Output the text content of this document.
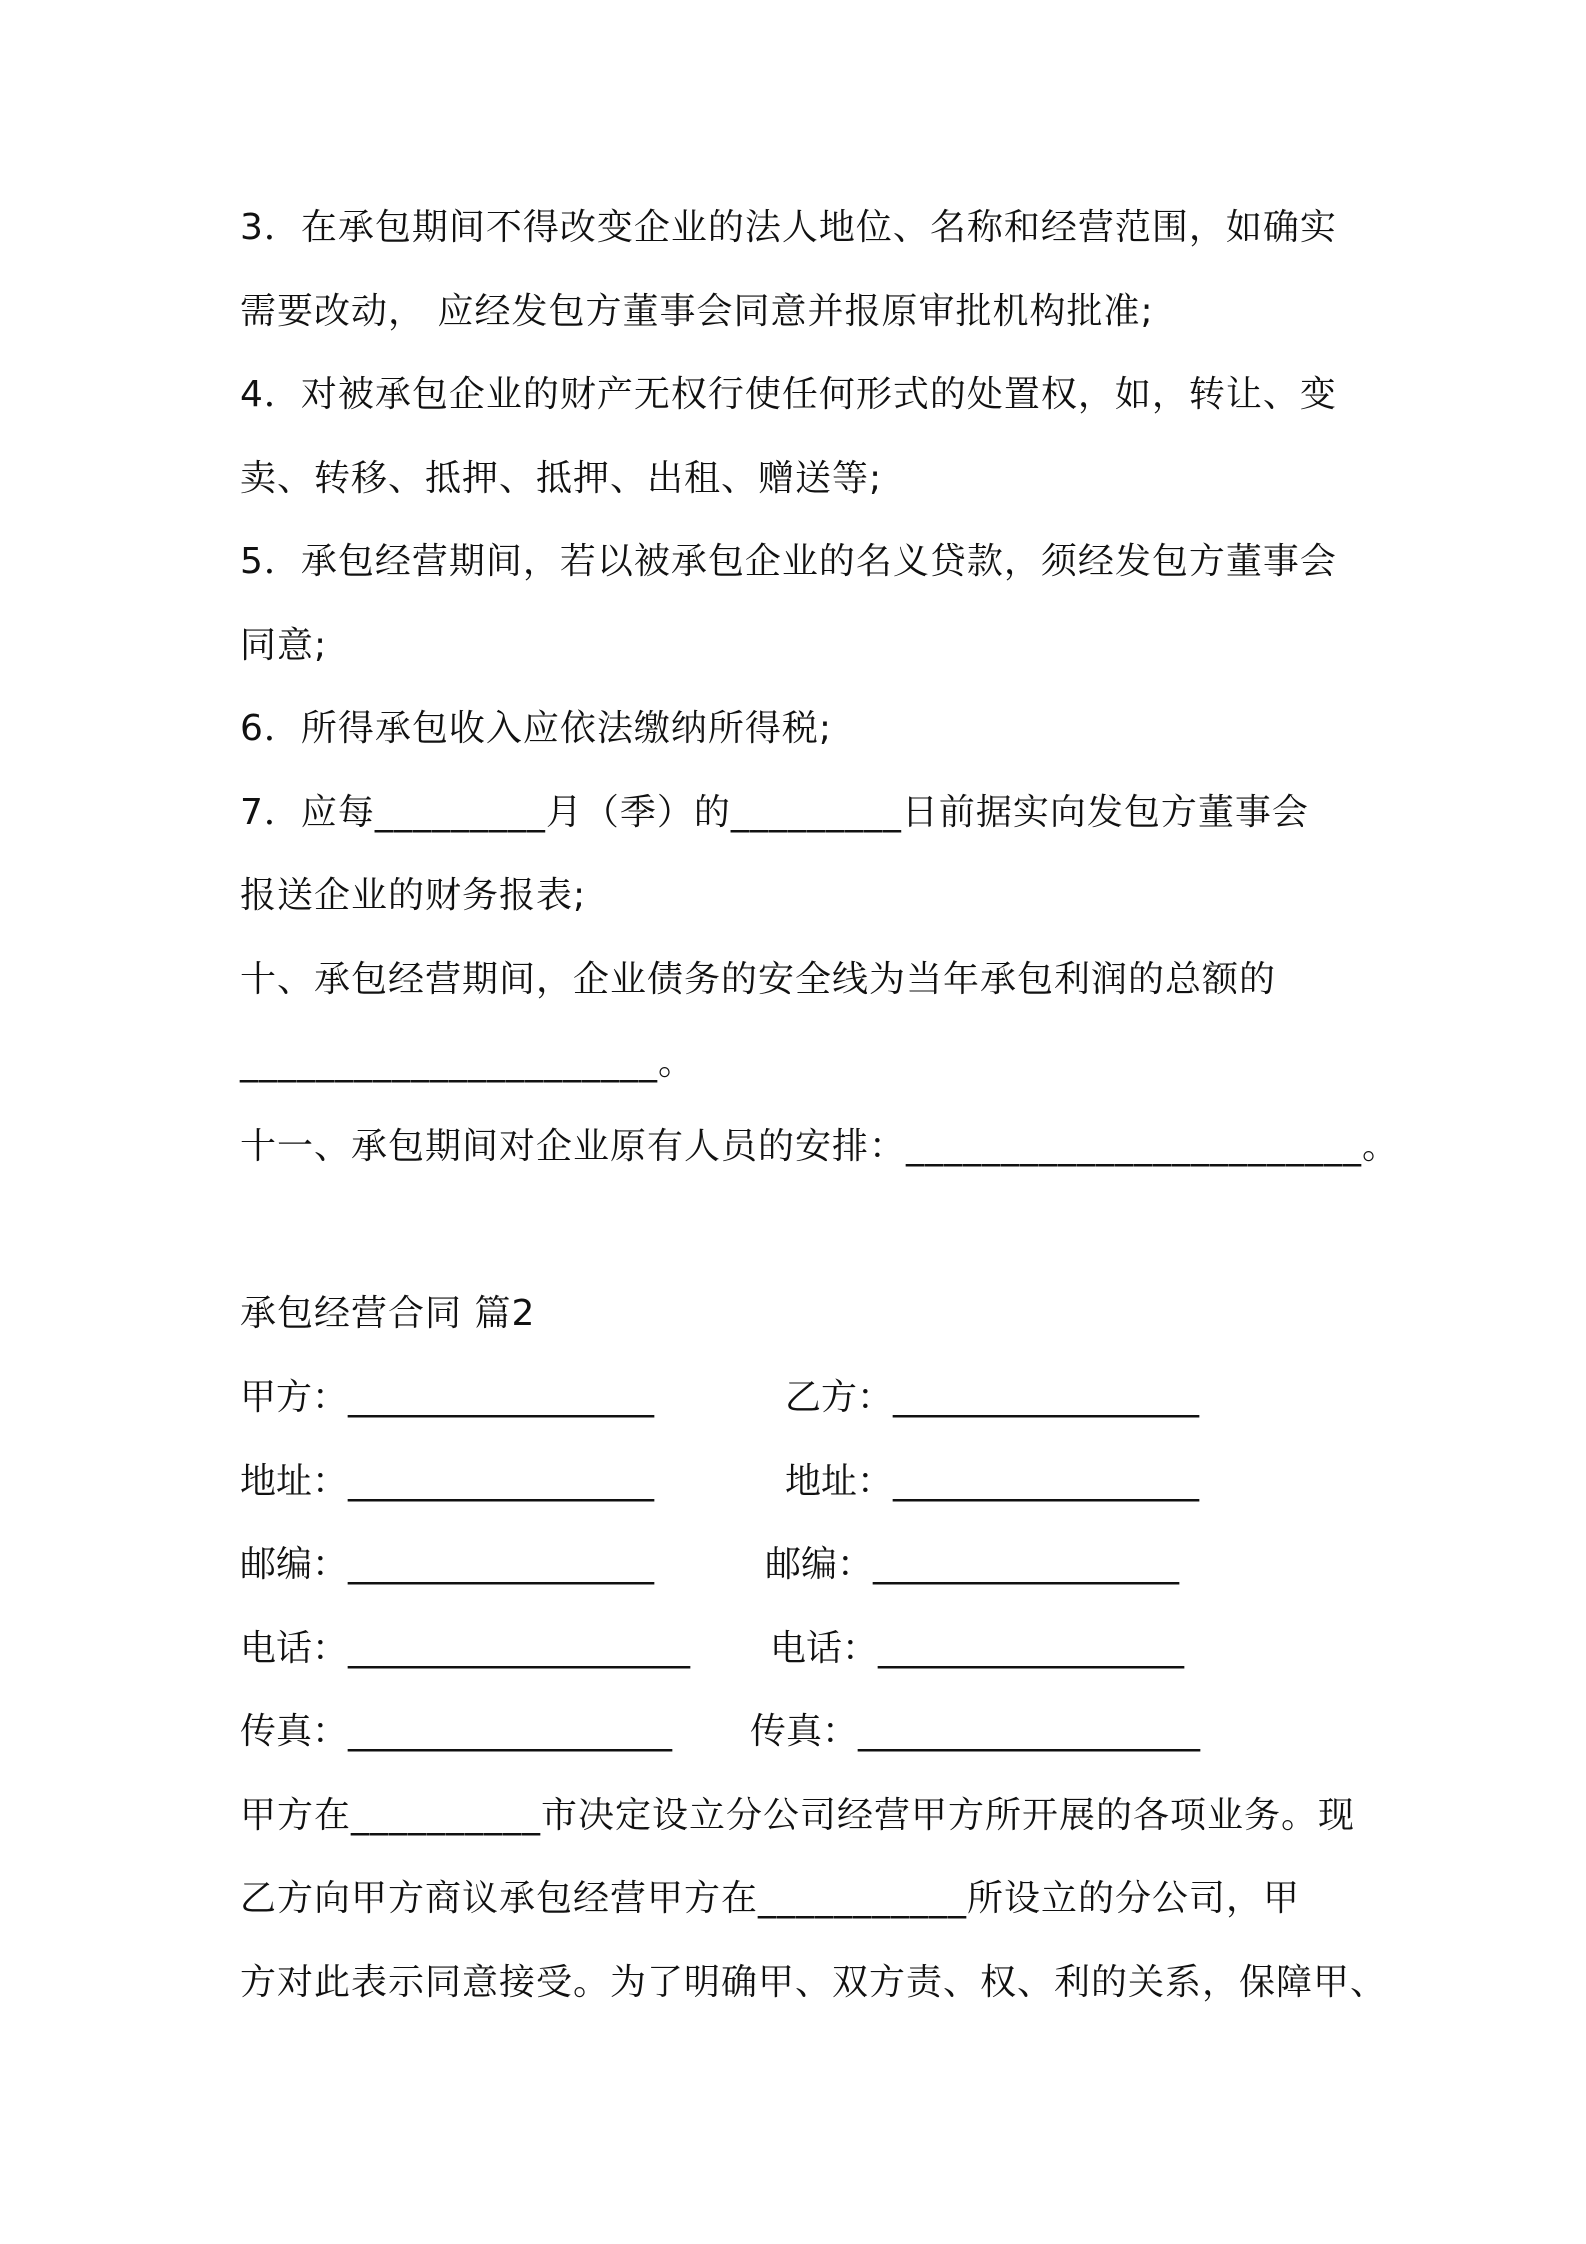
3．在承包期间不得改变企业的法人地位、名称和经营范围，如确实
需要改动， 应经发包方董事会同意并报原审批机构批准;
4．对被承包企业的财产无权行使任何形式的处置权，如，转让、变
卖、转移、抵押、抵押、出租、赠送等;
5．承包经营期间，若以被承包企业的名义贷款，须经发包方董事会
同意;
6．所得承包收入应依法缴纳所得税;
7．应每_________月（季）的_________日前据实向发包方董事会
报送企业的财务报表;
十、承包经营期间，企业债务的安全线为当年承包利润的总额的
______________________。
十一、承包期间对企业原有人员的安排：________________________。
承包经营合同 篇2
甲方：_________________	乙方：_________________
地址：_________________	地址：_________________
邮编：_________________	邮编：_________________
电话：___________________ 电话：_________________
传真：__________________ 传真：___________________
甲方在__________市决定设立分公司经营甲方所开展的各项业务。现
乙方向甲方商议承包经营甲方在___________所设立的分公司，甲
方对此表示同意接受。为了明确甲、双方责、权、利的关系，保障甲、
